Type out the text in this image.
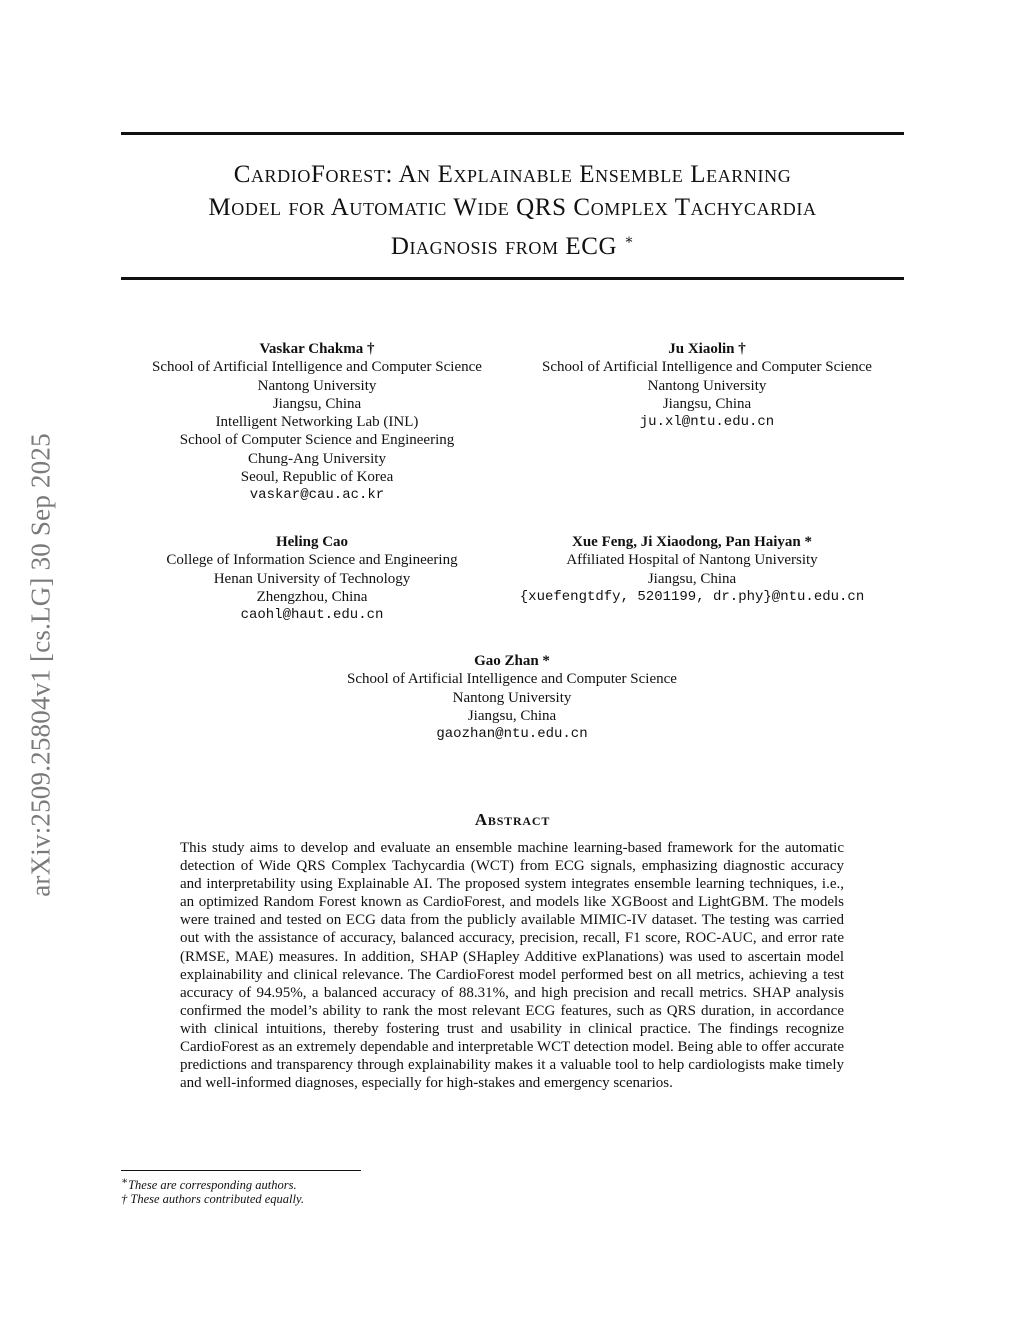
arXiv:2509.25804v1 [cs.LG] 30 Sep 2025
CardioForest: An Explainable Ensemble Learning
Model for Automatic Wide QRS Complex Tachycardia
Diagnosis from ECG ∗
Vaskar Chakma †
School of Artificial Intelligence and Computer Science
Nantong University
Jiangsu, China
Intelligent Networking Lab (INL)
School of Computer Science and Engineering
Chung-Ang University
Seoul, Republic of Korea
vaskar@cau.ac.kr
Ju Xiaolin †
School of Artificial Intelligence and Computer Science
Nantong University
Jiangsu, China
ju.xl@ntu.edu.cn
Heling Cao
College of Information Science and Engineering
Henan University of Technology
Zhengzhou, China
caohl@haut.edu.cn
Xue Feng, Ji Xiaodong, Pan Haiyan *
Affiliated Hospital of Nantong University
Jiangsu, China
{xuefengtdfy, 5201199, dr.phy}@ntu.edu.cn
Gao Zhan *
School of Artificial Intelligence and Computer Science
Nantong University
Jiangsu, China
gaozhan@ntu.edu.cn
Abstract

This study aims to develop and evaluate an ensemble machine learning-based framework for the automatic detection of Wide QRS Complex Tachycardia (WCT) from ECG signals, emphasizing diagnostic accuracy and interpretability using Explainable AI. The proposed system integrates ensemble learning techniques, i.e., an optimized Random Forest known as CardioForest, and models like XGBoost and LightGBM. The models were trained and tested on ECG data from the publicly available MIMIC-IV dataset. The testing was carried out with the assistance of accuracy, balanced accuracy, precision, recall, F1 score, ROC-AUC, and error rate (RMSE, MAE) measures. In addition, SHAP (SHapley Additive exPlanations) was used to ascertain model explainability and clinical relevance. The CardioForest model performed best on all metrics, achieving a test accuracy of 94.95%, a balanced accuracy of 88.31%, and high precision and recall metrics. SHAP analysis confirmed the model’s ability to rank the most relevant ECG features, such as QRS duration, in accordance with clinical intuitions, thereby fostering trust and usability in clinical practice. The findings recognize CardioForest as an extremely dependable and interpretable WCT detection model. Being able to offer accurate predictions and transparency through explainability makes it a valuable tool to help cardiologists make timely and well-informed diagnoses, especially for high-stakes and emergency scenarios.

∗These are corresponding authors.
† These authors contributed equally.
